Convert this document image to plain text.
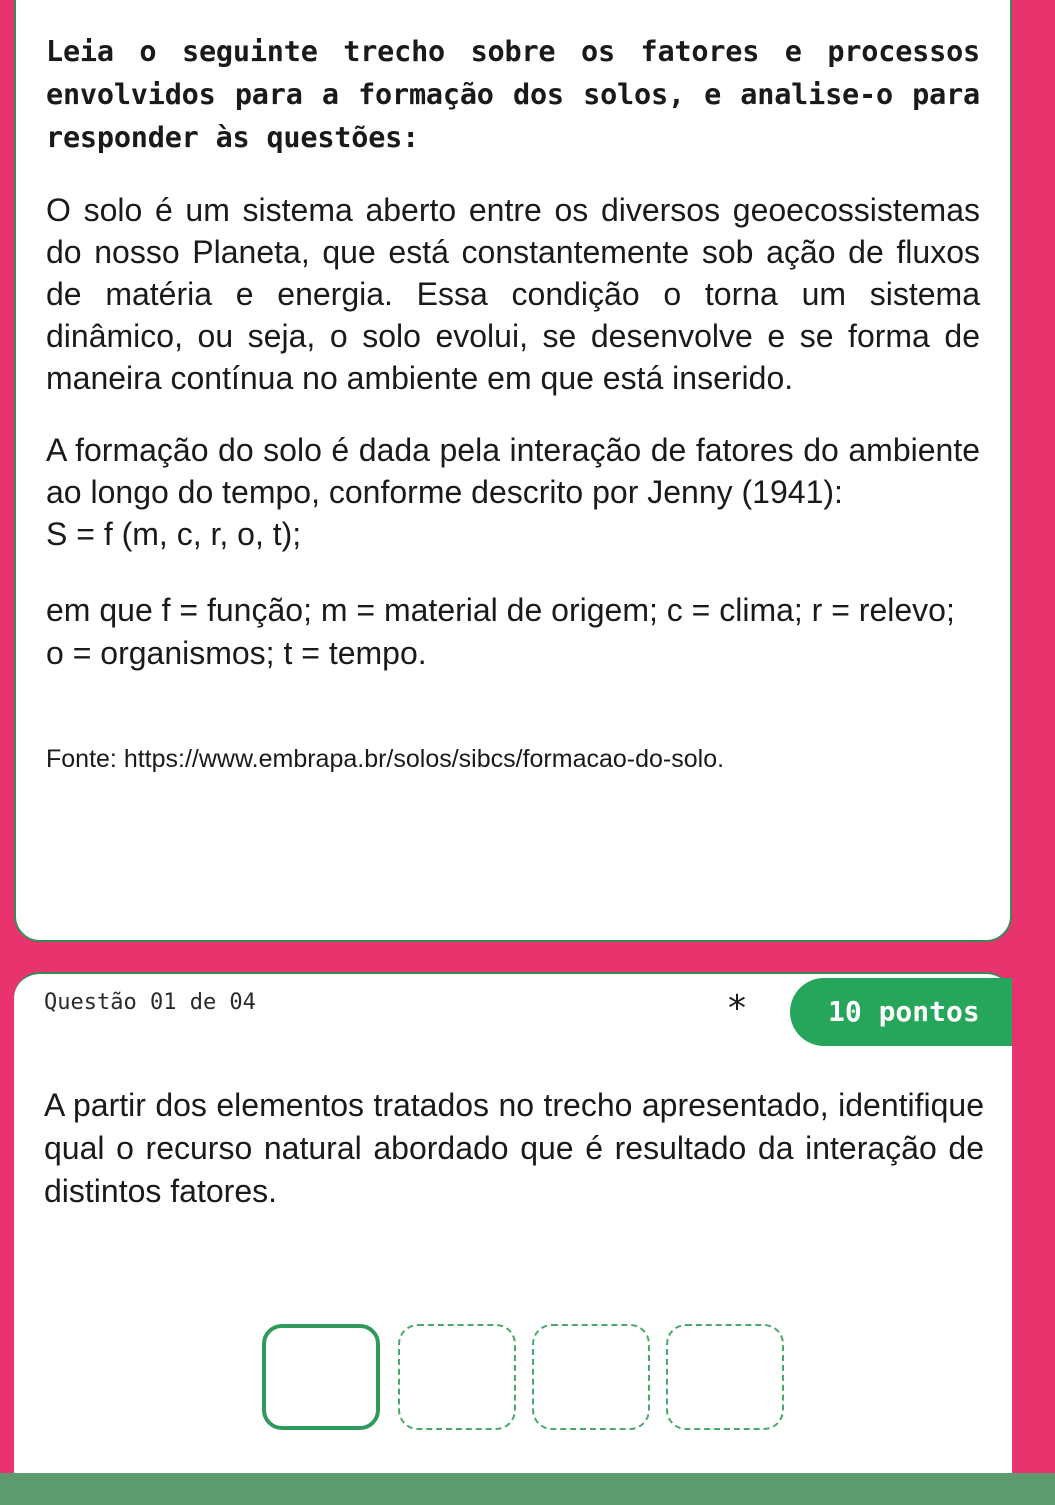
Leia o seguinte trecho sobre os fatores e processos envolvidos para a formação dos solos, e analise-o para responder às questões:

O solo é um sistema aberto entre os diversos geoecossistemas do nosso Planeta, que está constantemente sob ação de fluxos de matéria e energia. Essa condição o torna um sistema dinâmico, ou seja, o solo evolui, se desenvolve e se forma de maneira contínua no ambiente em que está inserido.

A formação do solo é dada pela interação de fatores do ambiente ao longo do tempo, conforme descrito por Jenny (1941):

S = f (m, c, r, o, t);

em que f = função; m = material de origem; c = clima; r = relevo; o = organismos; t = tempo.

Fonte: https://www.embrapa.br/solos/sibcs/formacao-do-solo.

Questão 01 de 04	*	10 pontos

A partir dos elementos tratados no trecho apresentado, identifique qual o recurso natural abordado que é resultado da interação de distintos fatores.
